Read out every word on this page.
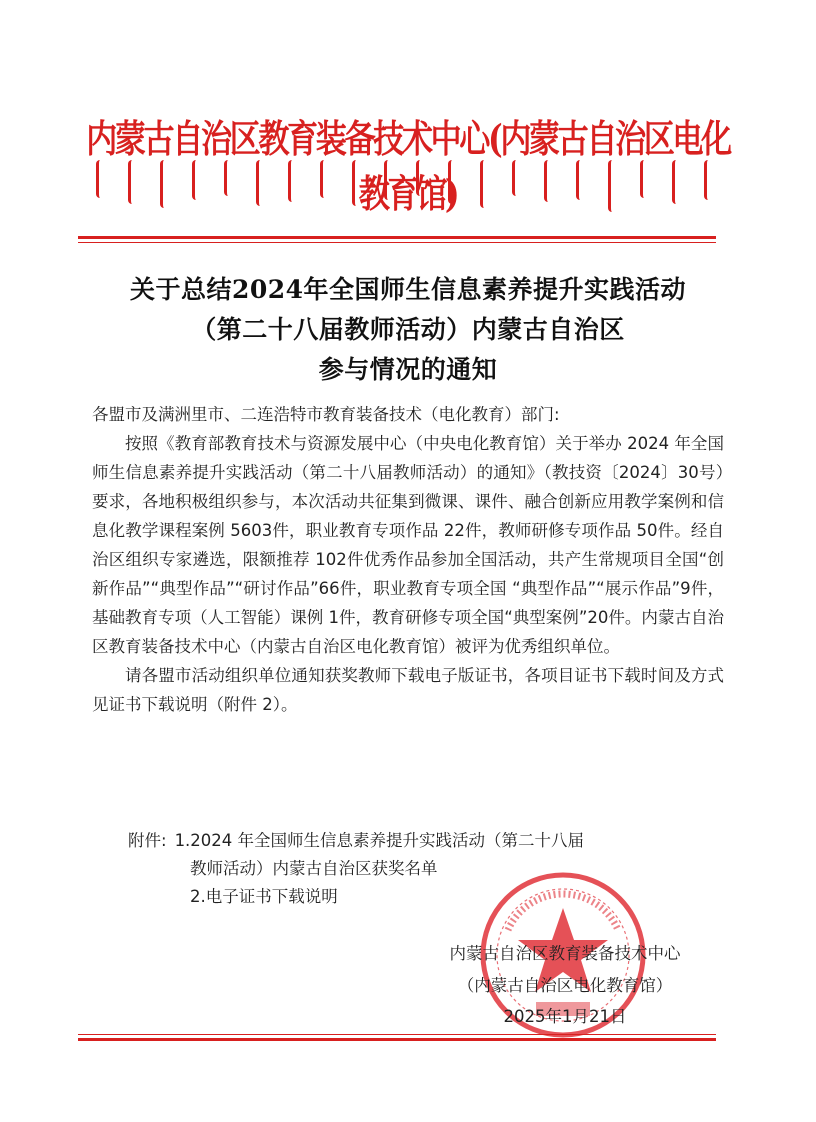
内蒙古自治区教育装备技术中心(内蒙古自治区电化教育馆)
关于总结2024年全国师生信息素养提升实践活动
（第二十八届教师活动）内蒙古自治区
参与情况的通知

各盟市及满洲里市、二连浩特市教育装备技术（电化教育）部门:

按照《教育部教育技术与资源发展中心（中央电化教育馆）关于举办 2024 年全国师生信息素养提升实践活动（第二十八届教师活动）的通知》（教技资〔2024〕30号）要求，各地积极组织参与，本次活动共征集到微课、课件、融合创新应用教学案例和信息化教学课程案例 5603件，职业教育专项作品 22件，教师研修专项作品 50件。经自治区组织专家遴选，限额推荐 102件优秀作品参加全国活动，共产生常规项目全国“创新作品”“典型作品”“研讨作品”66件，职业教育专项全国 “典型作品”“展示作品”9件，基础教育专项（人工智能）课例 1件，教育研修专项全国“典型案例”20件。内蒙古自治区教育装备技术中心（内蒙古自治区电化教育馆）被评为优秀组织单位。

请各盟市活动组织单位通知获奖教师下载电子版证书，各项目证书下载时间及方式见证书下载说明（附件 2）。

附件: 1.2024 年全国师生信息素养提升实践活动（第二十八届
教师活动）内蒙古自治区获奖名单
2.电子证书下载说明
内蒙古自治区教育装备技术中心
（内蒙古自治区电化教育馆）
2025年1月21日
